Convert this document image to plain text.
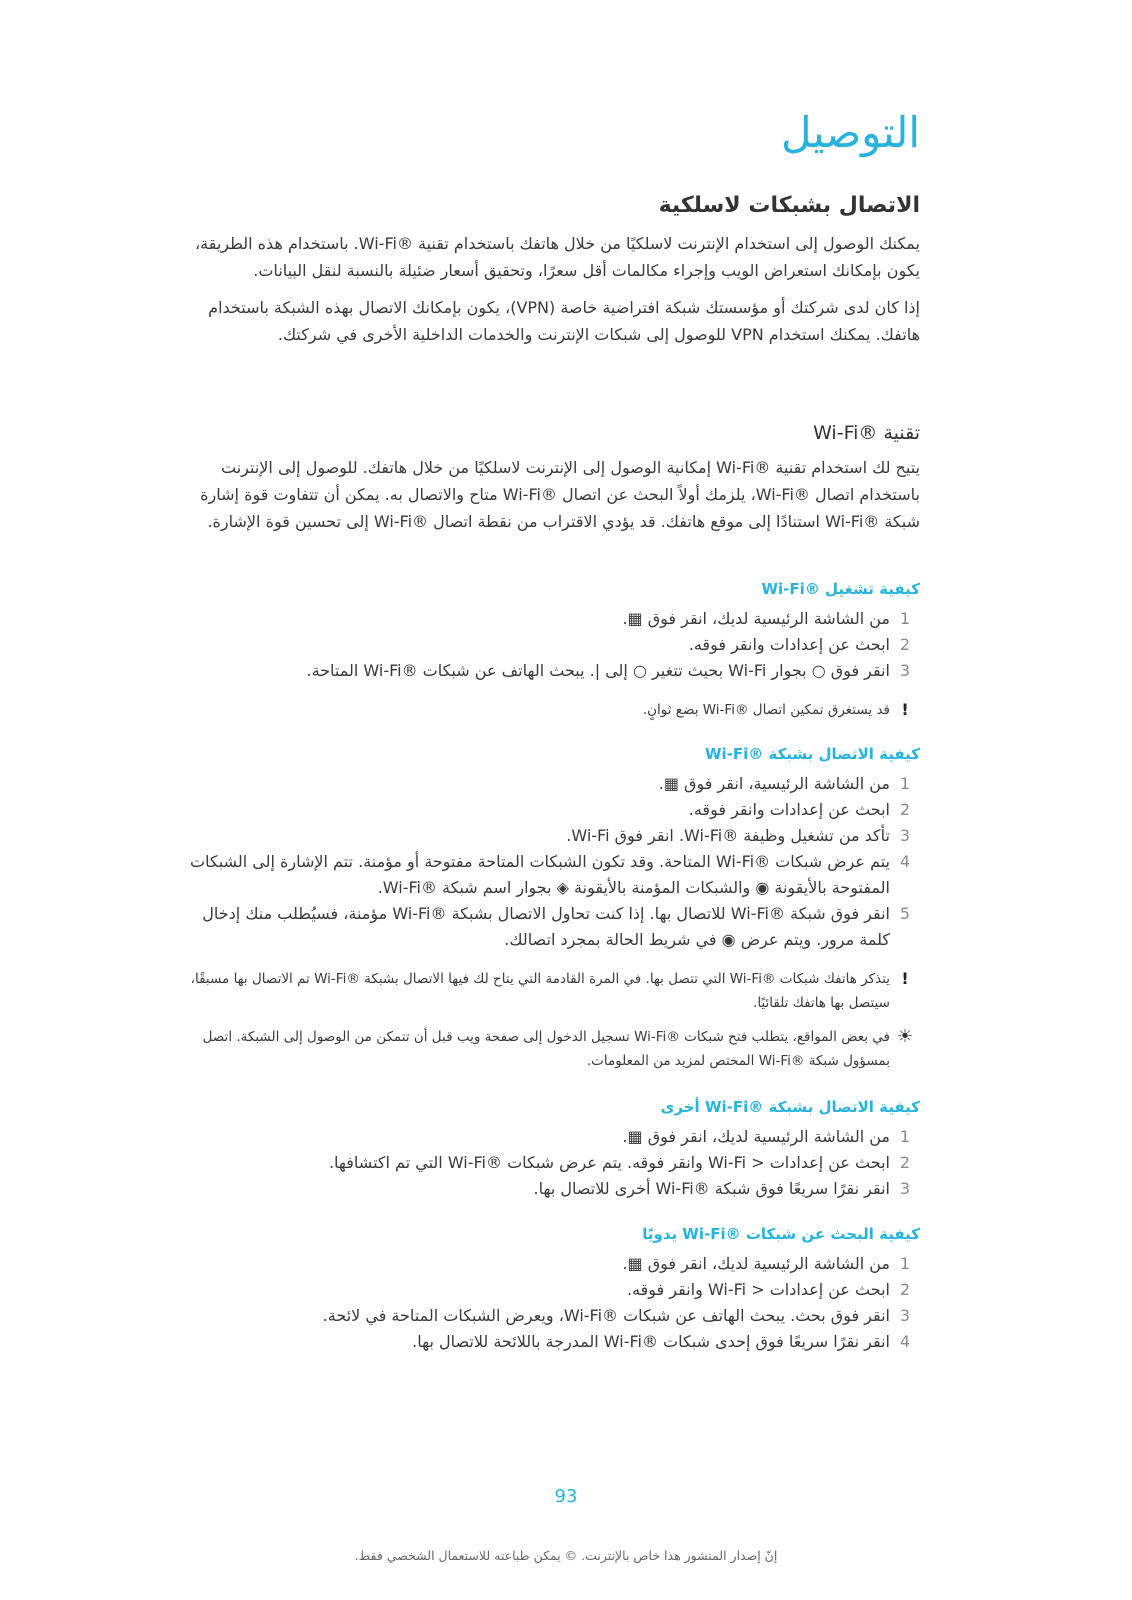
التوصيل
الاتصال بشبكات لاسلكية

يمكنك الوصول إلى استخدام الإنترنت لاسلكيًا من خلال هاتفك باستخدام تقنية ®Wi-Fi. باستخدام هذه الطريقة، يكون بإمكانك استعراض الويب وإجراء مكالمات أقل سعرًا، وتحقيق أسعار ضئيلة بالنسبة لنقل البيانات.

إذا كان لدى شركتك أو مؤسستك شبكة افتراضية خاصة (VPN)، يكون بإمكانك الاتصال بهذه الشبكة باستخدام هاتفك. يمكنك استخدام VPN للوصول إلى شبكات الإنترنت والخدمات الداخلية الأخرى في شركتك.

تقنية ®Wi-Fi

يتيح لك استخدام تقنية ®Wi-Fi إمكانية الوصول إلى الإنترنت لاسلكيًا من خلال هاتفك. للوصول إلى الإنترنت باستخدام اتصال ®Wi-Fi، يلزمك أولاً البحث عن اتصال ®Wi-Fi متاح والاتصال به. يمكن أن تتفاوت قوة إشارة شبكة ®Wi-Fi استنادًا إلى موقع هاتفك. قد يؤدي الاقتراب من نقطة اتصال ®Wi-Fi إلى تحسين قوة الإشارة.

كيفية تشغيل ®Wi-Fi
1
من الشاشة الرئيسية لديك، انقر فوق ▦.
2
ابحث عن إعدادات وانقر فوقه.
3
انقر فوق ○ بجوار Wi-Fi بحيث تتغير ○ إلى |. يبحث الهاتف عن شبكات ®Wi-Fi المتاحة.
!
قد يستغرق تمكين اتصال ®Wi-Fi بضع ثوانٍ.
كيفية الاتصال بشبكة ®Wi-Fi
1
من الشاشة الرئيسية، انقر فوق ▦.
2
ابحث عن إعدادات وانقر فوقه.
3
تأكد من تشغيل وظيفة ®Wi-Fi. انقر فوق Wi-Fi.
4
يتم عرض شبكات ®Wi-Fi المتاحة. وقد تكون الشبكات المتاحة مفتوحة أو مؤمنة. تتم الإشارة إلى الشبكات المفتوحة بالأيقونة ◉ والشبكات المؤمنة بالأيقونة ◈ بجوار اسم شبكة ®Wi-Fi.
5
انقر فوق شبكة ®Wi-Fi للاتصال بها. إذا كنت تحاول الاتصال بشبكة ®Wi-Fi مؤمنة، فسيُطلب منك إدخال كلمة مرور. ويتم عرض ◉ في شريط الحالة بمجرد اتصالك.
!
يتذكر هاتفك شبكات ®Wi-Fi التي تتصل بها. في المرة القادمة التي يتاح لك فيها الاتصال بشبكة ®Wi-Fi تم الاتصال بها مسبقًا، سيتصل بها هاتفك تلقائيًا.
☀
في بعض المواقع، يتطلب فتح شبكات ®Wi-Fi تسجيل الدخول إلى صفحة ويب قبل أن تتمكن من الوصول إلى الشبكة. اتصل بمسؤول شبكة ®Wi-Fi المختص لمزيد من المعلومات.
كيفية الاتصال بشبكة ®Wi-Fi أخرى
1
من الشاشة الرئيسية لديك، انقر فوق ▦.
2
ابحث عن إعدادات < Wi-Fi وانقر فوقه. يتم عرض شبكات ®Wi-Fi التي تم اكتشافها.
3
انقر نقرًا سريعًا فوق شبكة ®Wi-Fi أخرى للاتصال بها.
كيفية البحث عن شبكات ®Wi-Fi يدويًا
1
من الشاشة الرئيسية لديك، انقر فوق ▦.
2
ابحث عن إعدادات < Wi-Fi وانقر فوقه.
3
انقر فوق بحث. يبحث الهاتف عن شبكات ®Wi-Fi، ويعرض الشبكات المتاحة في لائحة.
4
انقر نقرًا سريعًا فوق إحدى شبكات ®Wi-Fi المدرجة باللائحة للاتصال بها.
93
إنّ إصدار المنشور هذا خاص بالإنترنت. © يمكن طباعته للاستعمال الشخصي فقط.
